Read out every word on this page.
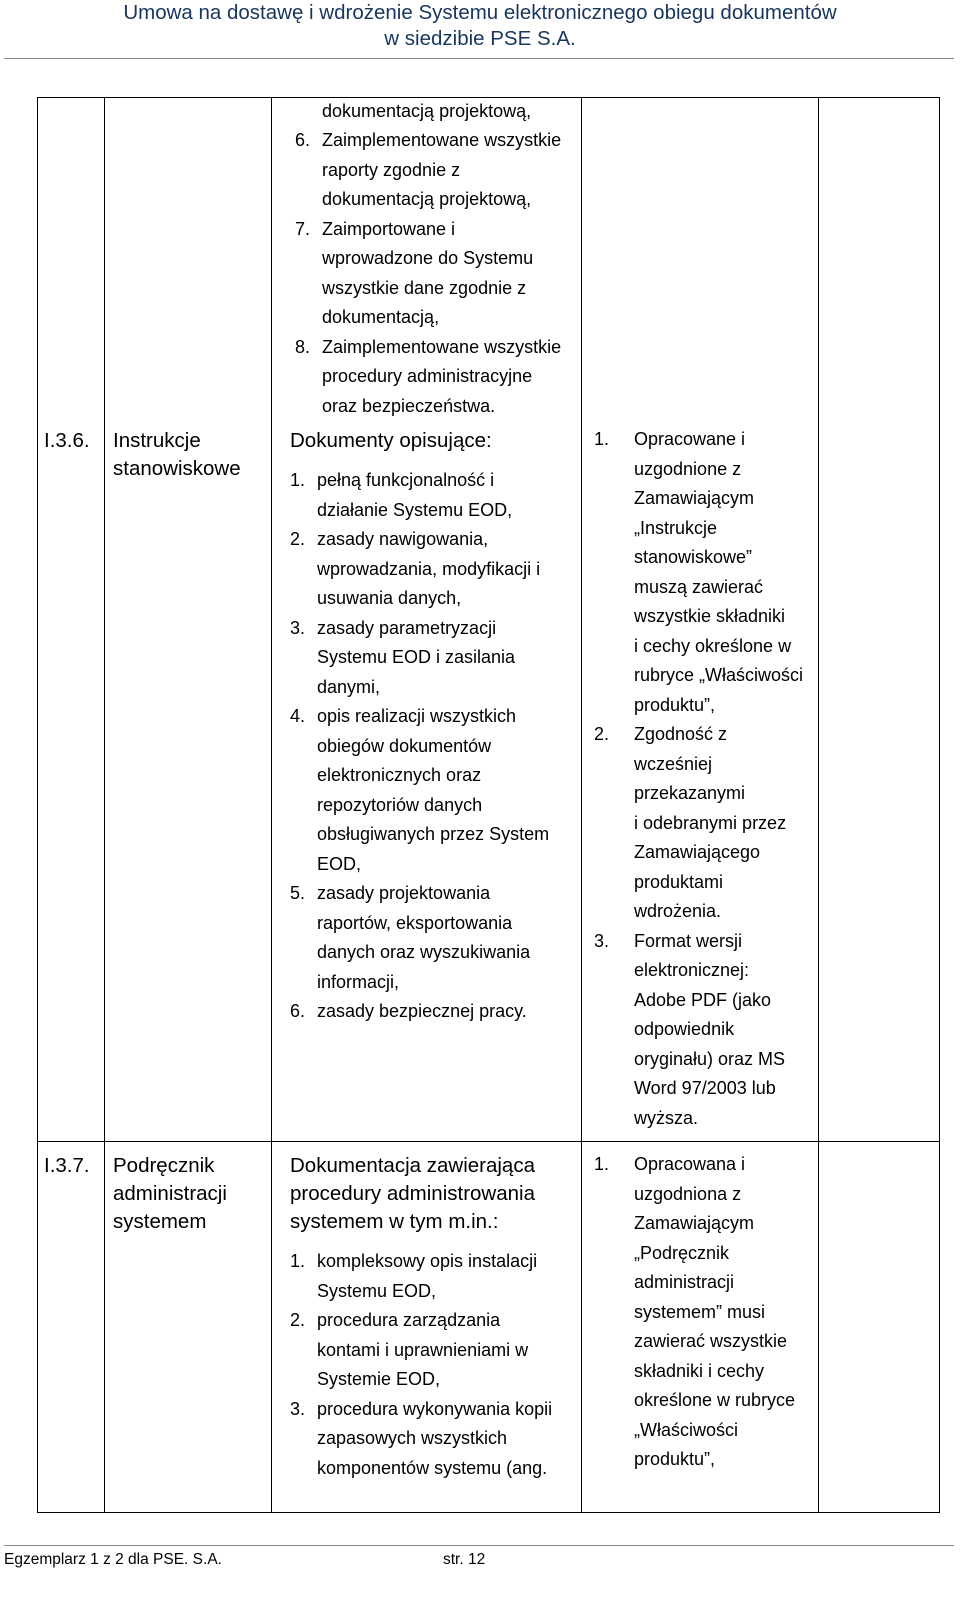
Umowa na dostawę i wdrożenie Systemu elektronicznego obiegu dokumentów
w siedzibie PSE S.A.
dokumentacją projektową,
6. Zaimplementowane wszystkie
raporty zgodnie z
dokumentacją projektową,
7. Zaimportowane i
wprowadzone do Systemu
wszystkie dane zgodnie z
dokumentacją,
8. Zaimplementowane wszystkie
procedury administracyjne
oraz bezpieczeństwa.
I.3.6. Instrukcje
stanowiskowe
Dokumenty opisujące:
1. pełną funkcjonalność i
działanie Systemu EOD,
2. zasady nawigowania,
wprowadzania, modyfikacji i
usuwania danych,
3. zasady parametryzacji
Systemu EOD i zasilania
danymi,
4. opis realizacji wszystkich
obiegów dokumentów
elektronicznych oraz
repozytoriów danych
obsługiwanych przez System
EOD,
5. zasady projektowania
raportów, eksportowania
danych oraz wyszukiwania
informacji,
6. zasady bezpiecznej pracy.
1. Opracowane i
uzgodnione z
Zamawiającym
„Instrukcje
stanowiskowe”
muszą zawierać
wszystkie składniki
i cechy określone w
rubryce „Właściwości
produktu”,
2. Zgodność z
wcześniej
przekazanymi
i odebranymi przez
Zamawiającego
produktami
wdrożenia.
3. Format wersji
elektronicznej:
Adobe PDF (jako
odpowiednik
oryginału) oraz MS
Word 97/2003 lub
wyższa.
I.3.7. Podręcznik
administracji
systemem
Dokumentacja zawierająca
procedury administrowania
systemem w tym m.in.:
1. kompleksowy opis instalacji
Systemu EOD,
2. procedura zarządzania
kontami i uprawnieniami w
Systemie EOD,
3. procedura wykonywania kopii
zapasowych wszystkich
komponentów systemu (ang.
1. Opracowana i
uzgodniona z
Zamawiającym
„Podręcznik
administracji
systemem” musi
zawierać wszystkie
składniki i cechy
określone w rubryce
„Właściwości
produktu”,
Egzemplarz 1 z 2 dla PSE. S.A.	str. 12
